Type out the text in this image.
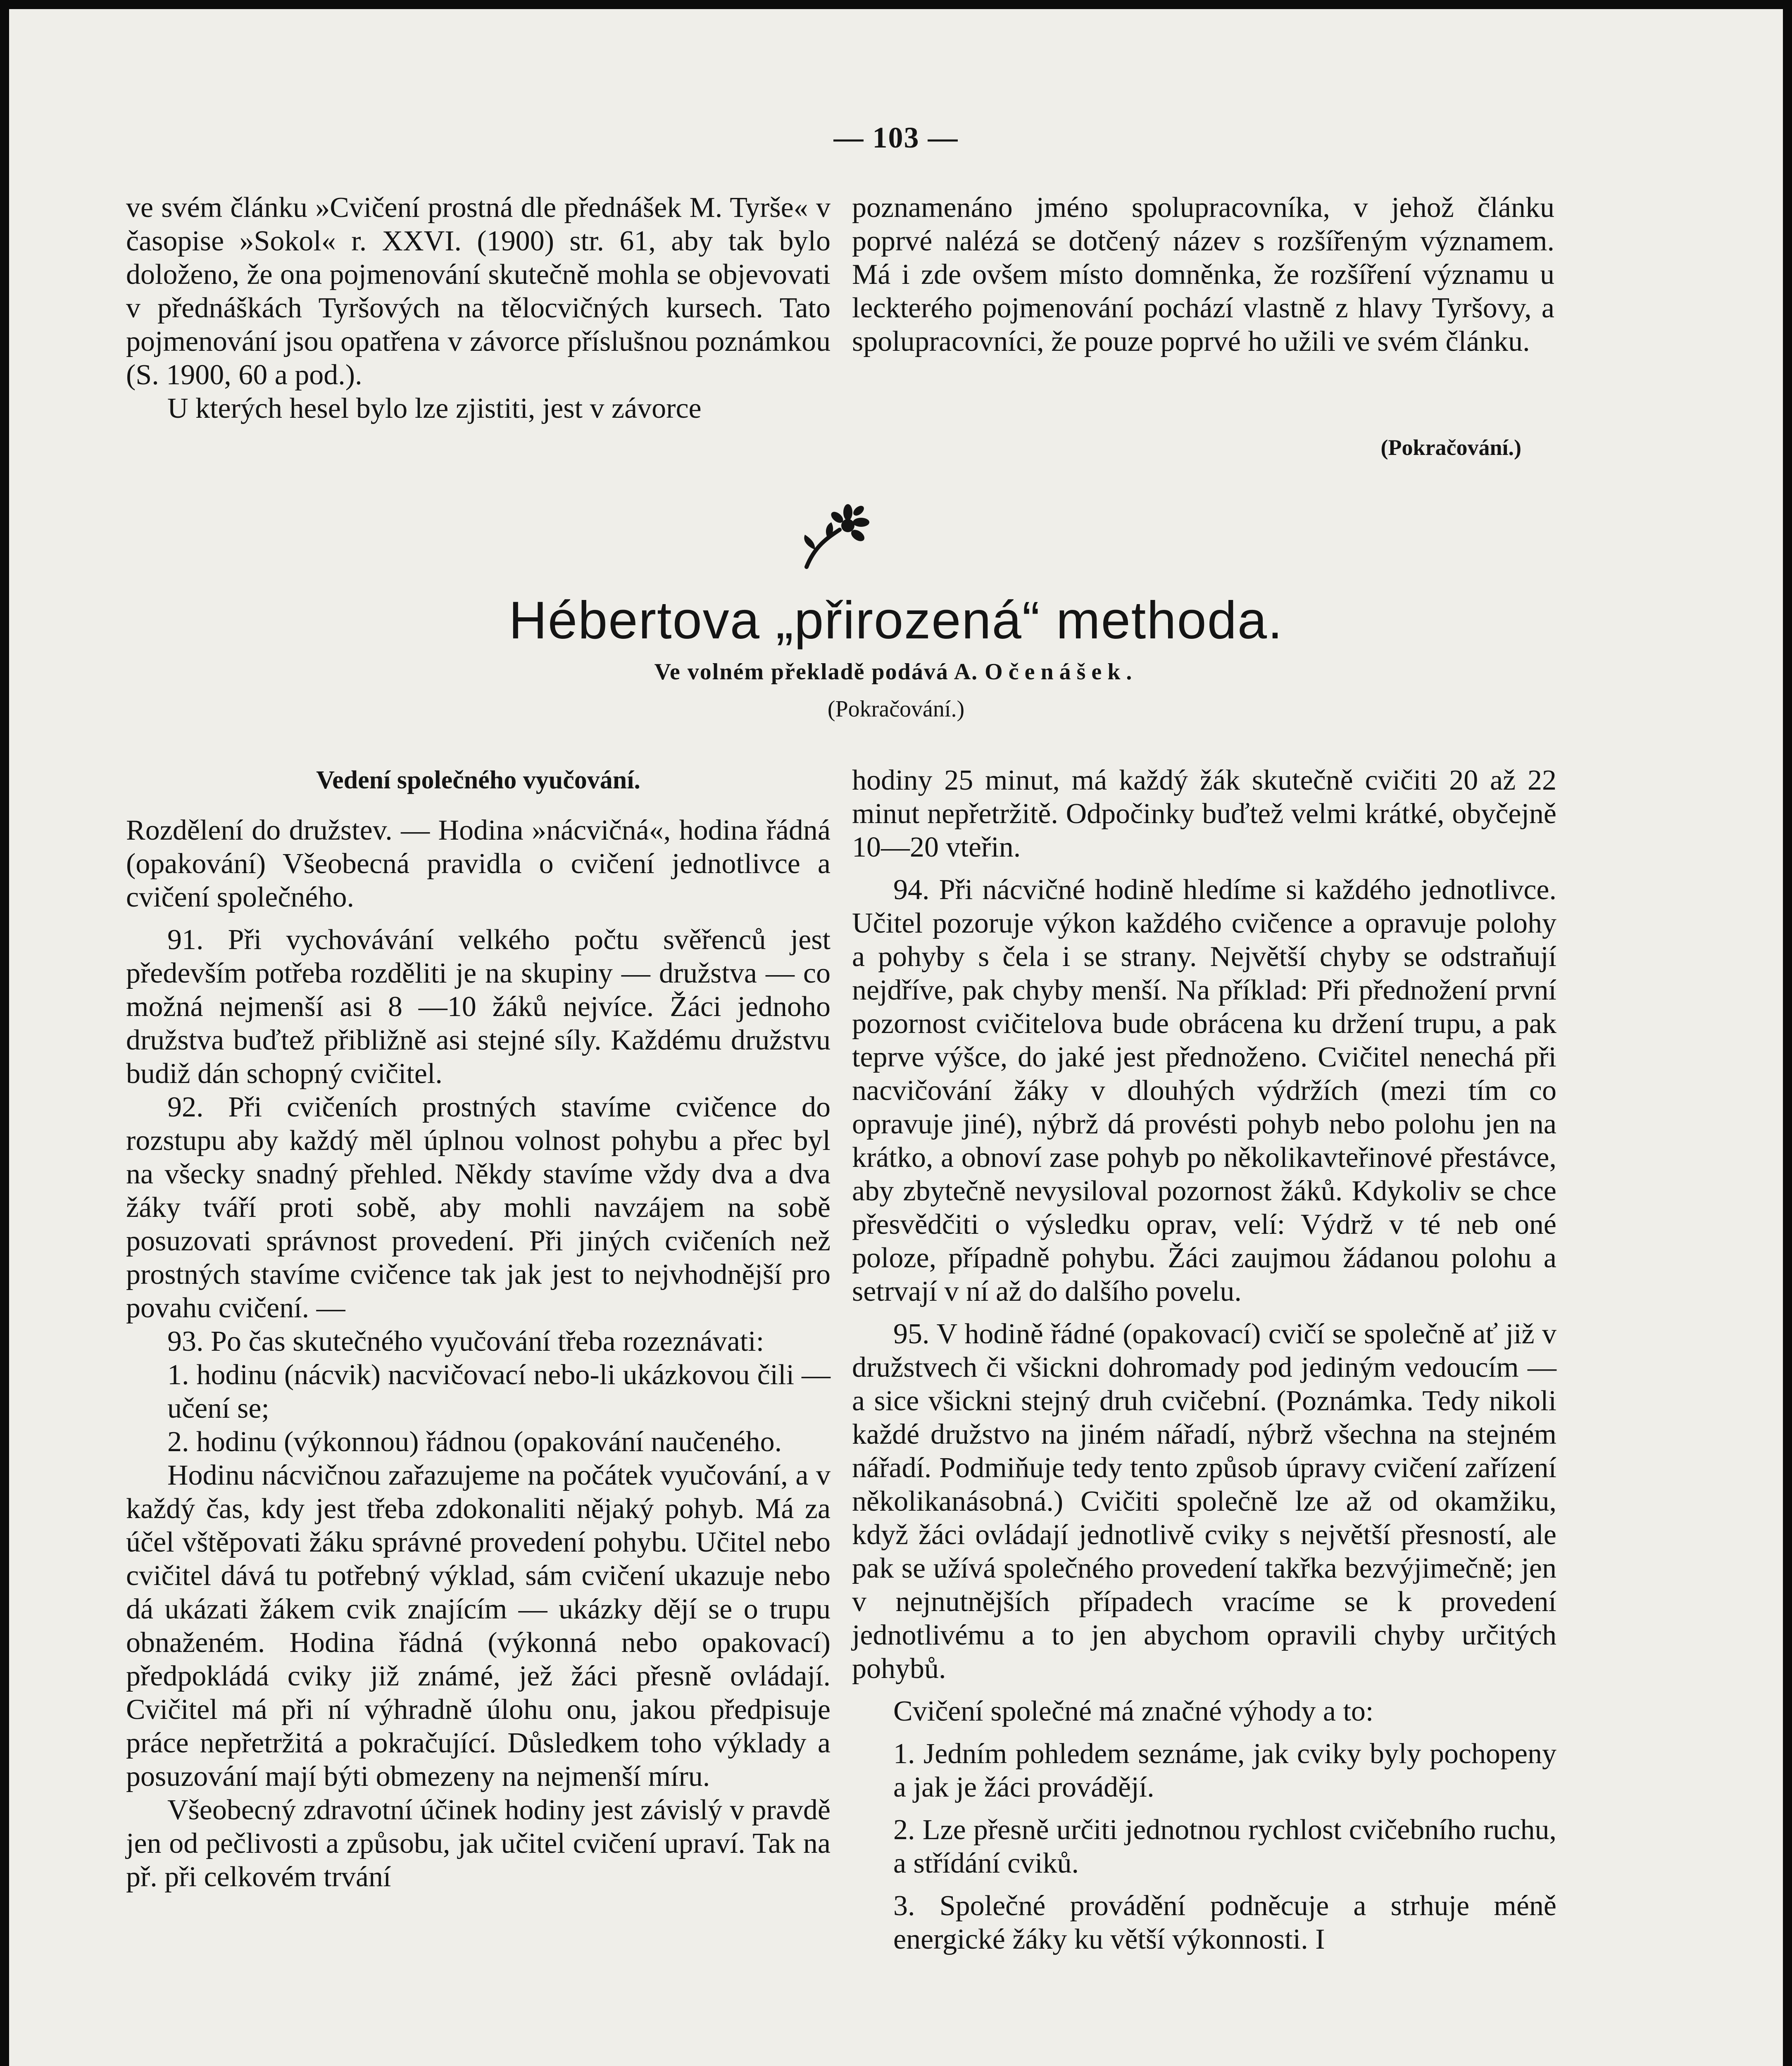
— 103 —

ve svém článku »Cvičení prostná dle přednášek M. Tyrše« v časopise »Sokol« r. XXVI. (1900) str. 61, aby tak bylo doloženo, že ona pojmenování skutečně mohla se objevovati v přednáškách Tyršových na tělocvičných kursech. Tato pojmenování jsou opatřena v závorce příslušnou poznámkou (S. 1900, 60 a pod.).

U kterých hesel bylo lze zjistiti, jest v závorce

poznamenáno jméno spolupracovníka, v jehož článku poprvé nalézá se dotčený název s rozšířeným významem. Má i zde ovšem místo domněnka, že rozšíření významu u leckterého pojmenování pochází vlastně z hlavy Tyršovy, a spolupracovníci, že pouze poprvé ho užili ve svém článku.

(Pokračování.)
Hébertova „přirozená“ methoda.
Ve volném překladě podává A. Očenášek.
(Pokračování.)
Vedení společného vyučování.

Rozdělení do družstev. — Hodina »nácvičná«, hodina řádná (opakování) Všeobecná pravidla o cvičení jednotlivce a cvičení společného.

91. Při vychovávání velkého počtu svěřenců jest především potřeba rozděliti je na skupiny — družstva — co možná nejmenší asi 8 —10 žáků nejvíce. Žáci jednoho družstva buďtež přibližně asi stejné síly. Každému družstvu budiž dán schopný cvičitel.

92. Při cvičeních prostných stavíme cvičence do rozstupu aby každý měl úplnou volnost pohybu a přec byl na všecky snadný přehled. Někdy stavíme vždy dva a dva žáky tváří proti sobě, aby mohli navzájem na sobě posuzovati správnost provedení. Při jiných cvičeních než prostných stavíme cvičence tak jak jest to nejvhodnější pro povahu cvičení. —

93. Po čas skutečného vyučování třeba rozeznávati:

1. hodinu (nácvik) nacvičovací nebo-li ukázkovou čili — učení se;

2. hodinu (výkonnou) řádnou (opakování naučeného.

Hodinu nácvičnou zařazujeme na počátek vyučování, a v každý čas, kdy jest třeba zdokonaliti nějaký pohyb. Má za účel vštěpovati žáku správné provedení pohybu. Učitel nebo cvičitel dává tu potřebný výklad, sám cvičení ukazuje nebo dá ukázati žákem cvik znajícím — ukázky dějí se o trupu obnaženém. Hodina řádná (výkonná nebo opakovací) předpokládá cviky již známé, jež žáci přesně ovládají. Cvičitel má při ní výhradně úlohu onu, jakou předpisuje práce nepřetržitá a pokračující. Důsledkem toho výklady a posuzování mají býti obmezeny na nejmenší míru.

Všeobecný zdravotní účinek hodiny jest závislý v pravdě jen od pečlivosti a způsobu, jak učitel cvičení upraví. Tak na př. při celkovém trvání

hodiny 25 minut, má každý žák skutečně cvičiti 20 až 22 minut nepřetržitě. Odpočinky buďtež velmi krátké, obyčejně 10—20 vteřin.

94. Při nácvičné hodině hledíme si každého jednotlivce. Učitel pozoruje výkon každého cvičence a opravuje polohy a pohyby s čela i se strany. Největší chyby se odstraňují nejdříve, pak chyby menší. Na příklad: Při přednožení první pozornost cvičitelova bude obrácena ku držení trupu, a pak teprve výšce, do jaké jest přednoženo. Cvičitel nenechá při nacvičování žáky v dlouhých výdržích (mezi tím co opravuje jiné), nýbrž dá provésti pohyb nebo polohu jen na krátko, a obnoví zase pohyb po několikavteřinové přestávce, aby zbytečně nevysiloval pozornost žáků. Kdykoliv se chce přesvědčiti o výsledku oprav, velí: Výdrž v té neb oné poloze, případně pohybu. Žáci zaujmou žádanou polohu a setrvají v ní až do dalšího povelu.

95. V hodině řádné (opakovací) cvičí se společně ať již v družstvech či všickni dohromady pod jediným vedoucím — a sice všickni stejný druh cvičební. (Poznámka. Tedy nikoli každé družstvo na jiném nářadí, nýbrž všechna na stejném nářadí. Podmiňuje tedy tento způsob úpravy cvičení zařízení několikanásobná.) Cvičiti společně lze až od okamžiku, když žáci ovládají jednotlivě cviky s největší přesností, ale pak se užívá společného provedení takřka bezvýjimečně; jen v nejnutnějších případech vracíme se k provedení jednotlivému a to jen abychom opravili chyby určitých pohybů.

Cvičení společné má značné výhody a to:

1. Jedním pohledem seznáme, jak cviky byly pochopeny a jak je žáci provádějí.

2. Lze přesně určiti jednotnou rychlost cvičebního ruchu, a střídání cviků.

3. Společné provádění podněcuje a strhuje méně energické žáky ku větší výkonnosti. I
